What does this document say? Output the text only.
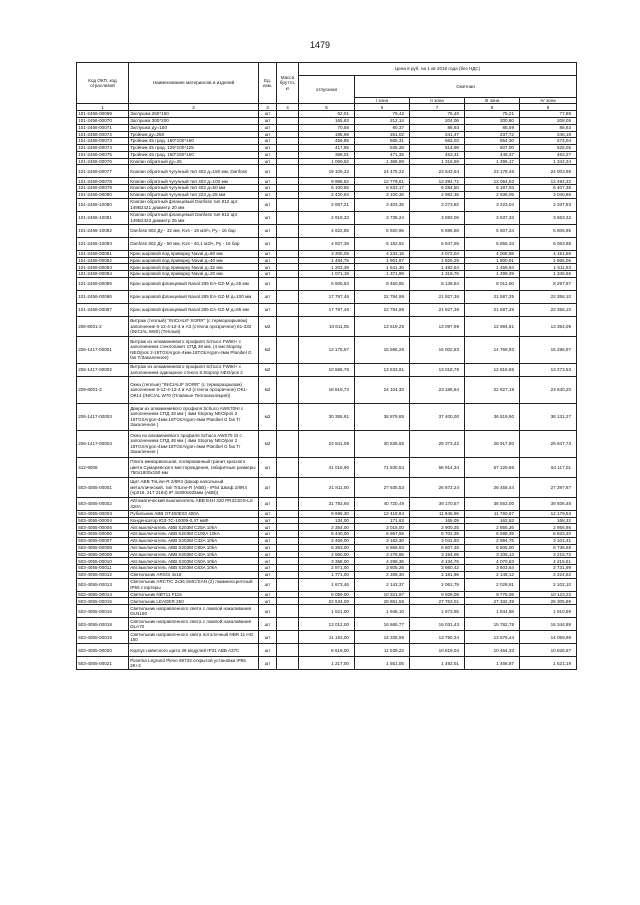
1479
Код ОКП, код отраслевой	Наименование материалов и изделий	Ед. изм.	Масса брутто, кг	Цена в руб. на 1 кв 2018 года (без НДС)				
				отпускная	Сметная			
					I зона	II зона	III зона	IV зона
1	2	3	4	5	6	7	8	9
101-2456-00069	Заглушка 250*150	шт		62,01	79,42	75,40	75,21	77,89
101-2456-00070	Заглушка 300*200	шт		165,63	212,14	204,06	200,90	208,05
101-2456-00071	Заглушка ду=150	шт		70,56	90,37	86,93	85,59	88,63
101-2456-00072	Тройник ду=250	шт		195,99	251,02	241,47	237,72	246,18
101-2456-00073	Тройник 45 град. 160*100*160	шт		456,89	585,31	563,03	554,30	574,04
101-2456-00074	Тройник 45 град. 125*100*125	шт		417,95	535,38	514,98	507,00	525,05
101-2456-00075	Тройник 45 град. 160*160*160	шт		368,01	471,35	453,41	446,37	462,27
101-2456-00076	Клапан обратный ду=25	шт		1 069,62	1 368,89	1 316,59	1 296,17	1 342,34
101-2456-00077	Клапан обратный чугунный тип 402 д=150 мм, Danfoss	шт		19 109,32	24 475,22	23 543,54	23 178,46	24 003,98
101-2456-00078	Клапан обратный чугунный тип 402 д=100 мм	шт		9 986,62	12 779,61	12 294,71	12 064,63	12 494,32
101-2456-00079	Клапан обратный чугунный тип 402 д=50 мм	шт		5 100,85	6 533,17	6 284,50	6 187,03	6 407,38
101-2456-00080	Клапан обратный чугунный тип 223 д=25 мм	шт		2 420,64	3 100,36	2 982,35	2 936,09	3 040,66
101-2456-10080	Клапан обратный фланцевый Danfoss тип 812 арт. 149B2421 диаметр 20 мм	шт		2 657,21	3 403,35	3 273,82	3 223,04	3 337,83
101-2456-10081	Клапан обратный фланцевый Danfoss тип 812 арт. 149B2422 диаметр 25 мм	шт		2 916,33	3 735,24	3 593,06	3 537,33	3 663,32
101-2456-10082	Danfoss 802 Ду - 32 мм, Kvs - 18 м3/ч, Ру - 16 бар	шт		4 622,85	5 920,95	5 695,58	5 607,24	5 806,95
101-2456-10083	Danfoss 802 Ду - 50 мм, Kvs - 40,1 м3/ч, Ру - 16 бар	шт		4 827,39	6 182,92	5 947,59	5 855,33	6 063,88
101-2456-00081	Кран шаровой под приварку Naval д=80 мм	шт		3 305,09	4 233,16	4 072,04	4 008,88	4 151,66
101-2456-00082	Кран шаровой под приварку Naval д=40 мм	шт		1 484,75	1 901,67	1 829,29	1 800,91	1 865,06
101-2456-00083	Кран шаровой под приварку Naval д=32 мм	шт		1 203,39	1 541,30	1 482,64	1 459,64	1 511,63
101-2456-00084	Кран шаровой под приварку Naval д=20 мм	шт		1 071,19	1 371,98	1 319,76	1 299,29	1 345,56
101-2456-00085	Кран шаровой фланцевый Naval 285 EA-GZ-M д=25 мм	шт		6 605,93	8 460,85	8 138,84	8 012,60	8 297,97
101-2456-00086	Кран шаровой фланцевый Naval 285 EA-GZ-M д=100 мм	шт		17 797,46	22 794,99	21 927,36	21 587,25	22 356,10
101-2456-00087	Кран шаровой фланцевый Naval 285 EA-GZ-M д=65 мм	шт		17 797,46	22 794,99	21 927,36	21 587,25	22 356,10
206-8001-2	Витраж (теплый) "INICIALIF SORR" (с терморазрывом) заполнение 6-12-4-12-4 и А3 (стекла прозрачное) 81-332 (INICIAL W80) (Теплый)	м2		10 611,05	13 619,25	13 097,99	12 894,81	13 354,09
206-1417-00001	Витраж из алюминиевого профиля Schuco FW50+ с заполнением стеклопакет СПД 48 мм. (4 мм Stopray NEO/pos 2-18TGI/Argon-4мм-18TGI/Argon-4мм Planibel G fas T/Закаленное)	м2		12 175,97	15 596,26	15 002,83	14 769,93	15 296,97
206-1417-00002	Витраж из алюминиевого профиля Schuco FW50+ с заполнением одинарное стекло 8 Stopray NEO/pos 2	м2		10 566,76	13 533,91	13 018,78	12 816,65	13 273,53
209-8001-3	Окна (теплые) "INICIALIF SORR" (с терморазрывом) заполнение 6-12-4-12-4 и А3 (стекла прозрачное) ОК1-ОК14 (INICIAL W70 (Плавные Теплоизоляция))	м2		18 819,72	24 104,30	23 186,84	22 827,19	23 640,20
206-1417-00003	Двери из алюминиевого профиля Schuco AWS70HI с заполнением СПД 48 мм ( 4мм Stopray NEO/pos 2 18TGI/Argon-4мм-18TGI/Argon-4мм Planibel G fas T/Закаленное )	м2		30 355,91	38 879,85	37 400,00	36 819,90	38 131,27
206-1417-00004	Окна из алюминиевого профиля Schuco AWS75 SI с заполнением СПД 48 мм ( 4мм Stopray NEO/pos 2 18TGI/Argon-4мм-18TGI/Argon-4мм Planibel G fas T/Закаленное )	м2		23 841,08	30 536,65	29 373,42	28 917,80	29 947,73
412-9006	Плита мемориальная, полированный гранит красного цвета Сумаревского месторождения, габаритные размеры 750х1800х150 мм	шт		41 016,90	71 630,54	68 914,34	67 129,66	64 117,01
503-4055-00001	Щит ABB TriLine-R 2/8R4 (Шкаф напольный металлический, тип TriLine-R (ABB) - IP54 Шкаф 2/8R4 (чр216, 217 2184) IP 3x800x625мм (ABB))	шт		21 811,00	27 935,53	26 872,24	26 455,44	27 397,67
503-4055-00002	Автоматический выключатель ABB E4H 320 PR221DS-LS 320A	шт		31 793,60	40 720,49	39 170,57	38 563,00	39 936,48
503-4055-00003	Рубильник ABB OT400E03 400A	шт		9 696,30	12 418,84	11 945,96	11 760,67	12 179,53
503-4055-00004	Конденсатор ЮЗ-7С-10009-0,47 мкФ	шт		134,00	171,63	165,09	162,53	168,32
503-4055-00005	Авт.выключатель ABB S203M C25A 10kA	шт		2 354,00	3 015,00	2 900,25	2 855,26	2 956,95
503-4055-00006	Авт.выключатель ABB S203M C100A 10kA	шт		5 440,00	6 967,55	6 702,35	6 598,39	6 833,40
503-4055-00007	Авт.выключатель ABB S203M C32A 10kA	шт		2 469,00	3 162,30	3 041,93	2 994,75	3 101,41
503-4055-00008	Авт.выключатель ABB S203M C80A 10kA	шт		5 363,00	6 868,93	6 607,48	6 505,00	6 736,68
503-4055-00009	Авт.выключатель ABB S203M C40A 10kA	шт		2 560,00	3 278,85	3 154,05	3 105,13	3 215,72
503-4055-00010	Авт.выключатель ABB S203M C50A 10kA	шт		3 358,00	4 298,36	4 134,76	4 070,63	4 215,61
503-4055-00011	Авт.выключатель ABB S203M C63A 10kA	шт		2 971,00	3 805,26	3 660,42	3 603,64	3 731,99
503-4055-00012	Светильник ARS/S 4x18	шт		1 771,00	2 268,30	2 181,96	2 148,12	2 224,62
503-4055-00013	Светильник ARCTIC 2x36 SMC/SAN (2) люминесцентный IP65 стартеры	шт		1 673,46	2 143,37	2 061,79	2 029,81	2 102,10
503-4055-00014	Светильник NBT11 F115	шт		8 059,00	10 321,97	9 929,09	9 775,08	10 123,22
503-4055-00015	Светильник LEADER 250	шт		22 534,00	28 861,55	27 763,01	27 332,39	28 305,86
503-4055-00016	Светильник направленного света с лампой накаливания DLN160	шт		1 521,00	1 948,10	1 873,95	1 844,88	1 910,59
503-4055-00018	Светильник направленного света с лампой накаливания DLA70	шт		13 012,00	16 665,77	16 031,43	15 782,78	16 344,89
503-4055-00019	Светильник направленного света потолочный NBR 11 HG 150	шт		11 193,00	14 335,99	13 790,34	13 576,44	14 059,98
503-4055-00020	Корпус навесного щита 36 модулей IP31 ABB A37C	шт		8 619,00	11 039,22	10 619,04	10 454,33	10 826,67
503-4055-00021	Розетка Legrand Plexo 69733 открытой установки IP55 2К+3	шт		1 217,00	1 551,05	1 492,01	1 468,87	1 521,19
